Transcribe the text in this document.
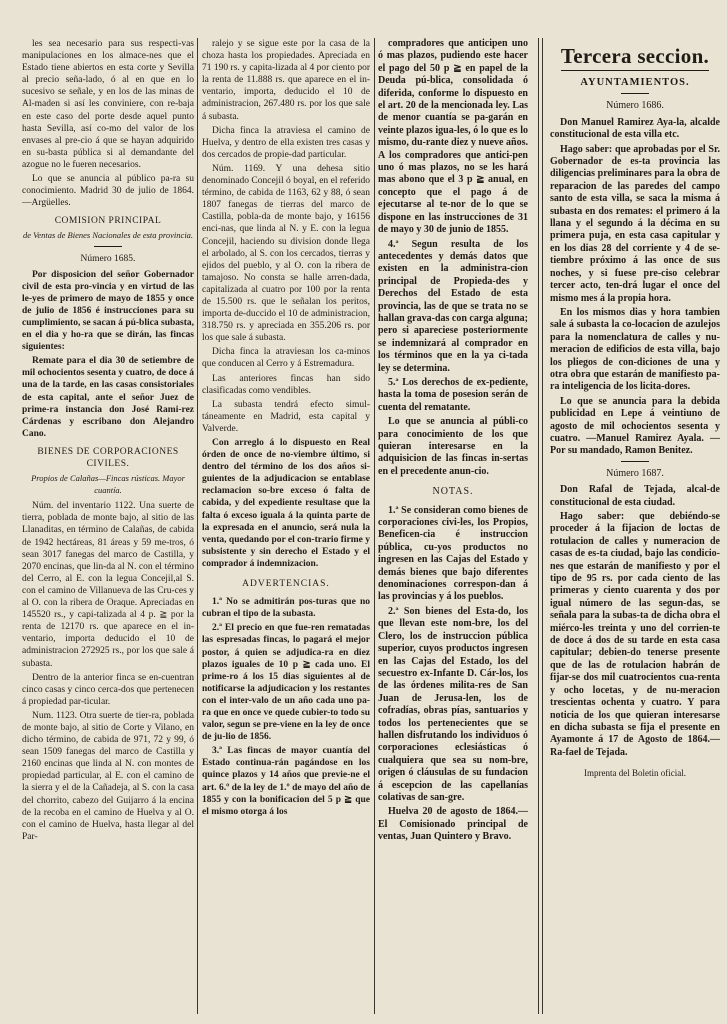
les sea necesario para sus respecti-vas manipulaciones en los almace-nes que el Estado tiene abiertos en esta corte y Sevilla al precio seña-lado, ó al en que en lo sucesivo se señale, y en los de las minas de Al-maden si así les conviniere, con re-baja en este caso del porte desde aquel punto hasta Sevilla, así co-mo del valor de los envases al pre-cio á que se hayan adquirido en su-basta pública si al demandante del azogue no le fueren necesarios.

Lo que se anuncia al público pa-ra su conocimiento. Madrid 30 de julio de 1864.—Argüelles.

COMISION PRINCIPAL
de Ventas de Bienes Nacionales de esta provincia.
Número 1685.

Por disposicion del señor Gobernador civil de esta pro-vincia y en virtud de las le-yes de primero de mayo de 1855 y once de julio de 1856 é instrucciones para su cumplimiento, se sacan á pú-blica subasta, en el dia y ho-ra que se dirán, las fincas siguientes:

Remate para el dia 30 de setiembre de mil ochocientos sesenta y cuatro, de doce á una de la tarde, en las casas consistoriales de esta capital, ante el señor Juez de prime-ra instancia don José Rami-rez Cárdenas y escribano don Alejandro Cano.

BIENES DE CORPORACIONES CIVILES.
Propios de Calañas—Fincas rústicas. Mayor cuantía.

Núm. del inventario 1122. Una suerte de tierra, poblada de monte bajo, al sitio de las Llanaditas, en término de Calañas, de cabida de 1942 hectáreas, 81 áreas y 59 me-tros, ó sean 3017 fanegas del marco de Castilla, y 2070 encinas, que lin-da al N. con el término del Cerro, al E. con la legua Concejil,al S. con el camino de Villanueva de las Cru-ces y al O. con la ribera de Oraque. Apreciadas en 145520 rs., y capi-talizada al 4 p. ≧ por la renta de 12170 rs. que aparece en el in-ventario, importa deducido el 10 de administracion 272925 rs., por los que sale á subasta.

Dentro de la anterior finca se en-cuentran cinco casas y cinco cerca-dos que pertenecen á propiedad par-ticular.

Num. 1123. Otra suerte de tier-ra, poblada de monte bajo, al sitio de Corte y Vilano, en dicho término, de cabida de 971, 72 y 99, ó sean 1509 fanegas del marco de Castilla y 2160 encinas que linda al N. con montes de propiedad particular, al E. con el camino de la sierra y el de la Cañadeja, al S. con la casa del chorrito, cabezo del Guijarro á la encina de la recoba en el camino de Huelva y al O. con el camino de Huelva, hasta llegar al del Par-

ralejo y se sigue este por la casa de la choza hasta los propiedades. Apreciada en 71 190 rs. y capita-lizada al 4 por ciento por la renta de 11.888 rs. que aparece en el in-ventario, importa, deducido el 10 de administracion, 267.480 rs. por los que sale á subasta.

Dicha finca la atraviesa el camino de Huelva, y dentro de ella existen tres casas y dos cercados de propie-dad particular.

Núm. 1169. Y una dehesa sitio denominado Concejil ó boyal, en el referido término, de cabida de 1163, 62 y 88, ó sean 1807 fanegas de tierras del marco de Castilla, pobla-da de monte bajo, y 16156 enci-nas, que linda al N. y E. con la legua Concejil, haciendo su division donde llega el arbolado, al S. con los cercados, tierras y ejidos del pueblo, y al O. con la ribera de tamajoso. No consta se halle arren-dada, capitalizada al cuatro por 100 por la renta de 15.500 rs. que le señalan los peritos, importa de-duccido el 10 de administracion, 318.750 rs. y apreciada en 355.206 rs. por los que sale á subasta.

Dicha finca la atraviesan los ca-minos que conducen al Cerro y á Estremadura.

Las anteriores fincas han sido clasificadas como vendibles.

La subasta tendrá efecto simul-táneamente en Madrid, esta capital y Valverde.

Con arreglo á lo dispuesto en Real órden de once de no-viembre último, si dentro del término de los dos años si-guientes de la adjudicacion se entablase reclamacion so-bre exceso ó falta de cabida, y del expediente resultase que la falta ó exceso iguala á la quinta parte de la expresada en el anuncio, será nula la venta, quedando por el con-trario firme y subsistente y sin derecho el Estado y el comprador á indemnizacion.

ADVERTENCIAS.

1.ª No se admitirán pos-turas que no cubran el tipo de la subasta.

2.ª El precio en que fue-ren rematadas las espresadas fincas, lo pagará el mejor postor, á quien se adjudica-ra en diez plazos iguales de 10 p ≧ cada uno. El prime-ro á los 15 dias siguientes al de notificarse la adjudicacion y los restantes con el inter-valo de un año cada uno pa-ra que en once ve quede cubier-to todo su valor, segun se pre-viene en la ley de once de ju-lio de 1856.

3.ª Las fincas de mayor cuantía del Estado continua-rán pagándose en los quince plazos y 14 años que previe-ne el art. 6.º de la ley de 1.º de mayo del año de 1855 y con la bonificacion del 5 p ≧ que el mismo otorga á los

compradores que anticipen uno ó mas plazos, pudiendo este hacer el pago del 50 p ≧ en papel de la Deuda pú-blica, consolidada ó diferida, conforme lo dispuesto en el art. 20 de la mencionada ley. Las de menor cuantía se pa-garán en veinte plazos igua-les, ó lo que es lo mismo, du-rante diez y nueve años. A los compradores que antici-pen uno ó mas plazos, no se les hará mas abono que el 3 p ≧ anual, en concepto que el pago á de ejecutarse al te-nor de lo que se dispone en las instrucciones de 31 de mayo y 30 de junio de 1855.

4.ª Segun resulta de los antecedentes y demás datos que existen en la administra-cion principal de Propieda-des y Derechos del Estado de esta provincia, las de que se trata no se hallan grava-das con carga alguna; pero si apareciese posteriormente se indemnizará al comprador en los términos que en la ya ci-tada ley se determina.

5.ª Los derechos de ex-pediente, hasta la toma de posesion serán de cuenta del rematante.

Lo que se anuncia al públi-co para conocimiento de los que quieran interesarse en la adquisicion de las fincas in-sertas en el precedente anun-cio.

NOTAS.

1.ª Se consideran como bienes de corporaciones civi-les, los Propios, Beneficen-cia é instruccion pública, cu-yos productos no ingresen en las Cajas del Estado y demás bienes que bajo diferentes denominaciones correspon-dan á las provincias y á los pueblos.

2.ª Son bienes del Esta-do, los que llevan este nom-bre, los del Clero, los de instruccion pública superior, cuyos productos ingresen en las Cajas del Estado, los del secuestro ex-Infante D. Cár-los, los de las órdenes milita-res de San Juan de Jerusa-len, los de cofradías, obras pías, santuarios y todos los pertenecientes que se hallen disfrutando los individuos ó corporaciones eclesiásticas ó cualquiera que sea su nom-bre, origen ó cláusulas de su fundacion á escepcion de las capellanías colativas de san-gre.

Huelva 20 de agosto de 1864.—El Comisionado principal de ventas, Juan Quintero y Bravo.

Tercera seccion.
AYUNTAMIENTOS.
Número 1686.

Don Manuel Ramirez Aya-la, alcalde constitucional de esta villa etc.

Hago saber: que aprobadas por el Sr. Gobernador de es-ta provincia las diligencias preliminares para la obra de reparacion de las paredes del campo santo de esta villa, se saca la misma á subasta en dos remates: el primero á la llana y el segundo á la décima en su primera puja, en esta casa capitular y en los dias 28 del corriente y 4 de se-tiembre próximo á las once de sus noches, y si fuese pre-ciso celebrar tercer acto, ten-drá lugar el once del mismo mes á la propia hora.

En los mismos dias y hora tambien sale á subasta la co-locacion de azulejos para la nomenclatura de calles y nu-meracion de edificios de esta villa, bajo los pliegos de con-diciones de una y otra obra que estarán de manifiesto pa-ra inteligencia de los licita-dores.

Lo que se anuncia para la debida publicidad en Lepe á veintiuno de agosto de mil ochocientos sesenta y cuatro. —Manuel Ramirez Ayala. —Por su mandado, Ramon Benitez.

Número 1687.

Don Rafal de Tejada, alcal-de constitucional de esta ciudad.

Hago saber: que debiéndo-se proceder á la fijacion de loctas de rotulacion de calles y numeracion de casas de es-ta ciudad, bajo las condicio-nes que estarán de manifiesto y por el tipo de 95 rs. por cada ciento de las primeras y ciento cuarenta y dos por igual número de las segun-das, se señala para la subas-ta de dicha obra el miérco-les treinta y uno del corrien-te de doce á dos de su tarde en esta casa capitular; debien-do tenerse presente que de las de rotulacion habrán de fijar-se dos mil cuatrocientos cua-renta y ocho locetas, y de nu-meracion trescientas ochenta y cuatro. Y para noticia de los que quieran interesarse en dicha subasta se fija el presente en Ayamonte á 17 de Agosto de 1864.—Ra-fael de Tejada.

Imprenta del Boletin oficial.
